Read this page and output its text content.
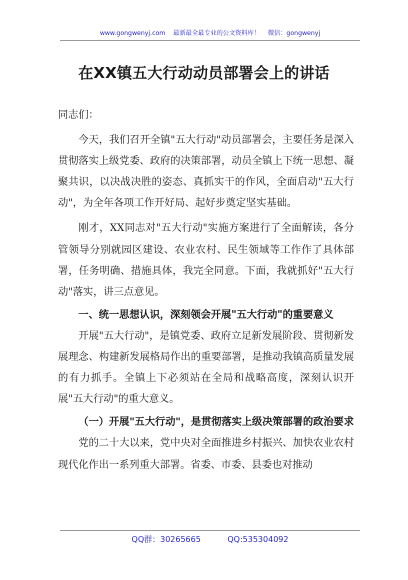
www.gongwenyj.com 最新最全最专业的公文资料库！ 微信：gongwenyj
在XX镇五大行动动员部署会上的讲话

同志们：

今天，我们召开全镇"五大行动"动员部署会，主要任务是深入贯彻落实上级党委、政府的决策部署，动员全镇上下统一思想、凝聚共识，以决战决胜的姿态、真抓实干的作风，全面启动"五大行动"，为全年各项工作开好局、起好步奠定坚实基础。

刚才，XX同志对"五大行动"实施方案进行了全面解读，各分管领导分别就园区建设、农业农村、民生领域等工作作了具体部署，任务明确、措施具体，我完全同意。下面，我就抓好"五大行动"落实，讲三点意见。

一、统一思想认识，深刻领会开展"五大行动"的重要意义

开展"五大行动"，是镇党委、政府立足新发展阶段、贯彻新发展理念、构建新发展格局作出的重要部署，是推动我镇高质量发展的有力抓手。全镇上下必须站在全局和战略高度，深刻认识开展"五大行动"的重大意义。

（一）开展"五大行动"，是贯彻落实上级决策部署的政治要求

党的二十大以来，党中央对全面推进乡村振兴、加快农业农村现代化作出一系列重大部署。省委、市委、县委也对推动

QQ群：30265665	QQ:535304092
